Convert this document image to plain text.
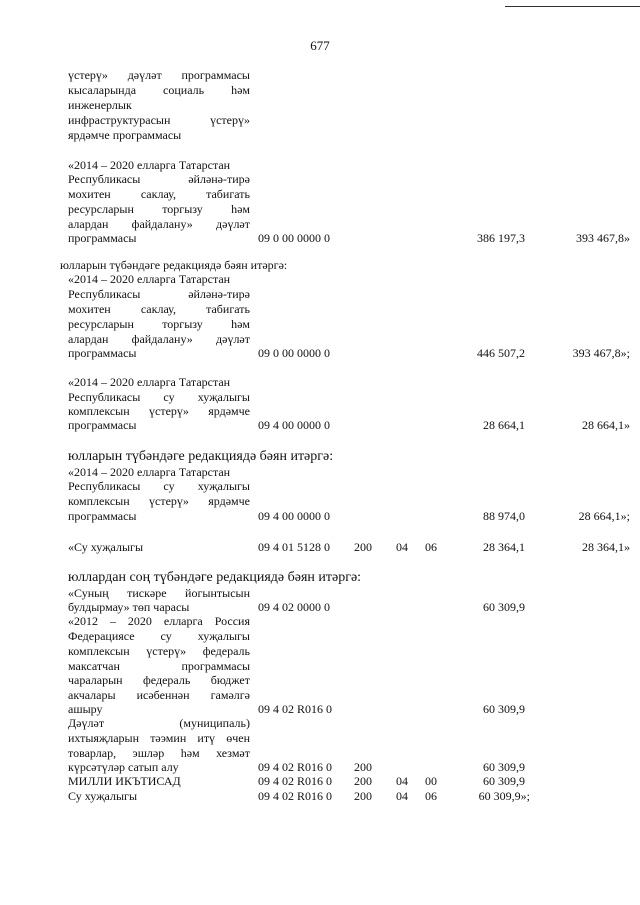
677
үстерү» дәүләт программасы
кысаларында социаль һәм
инженерлык
инфраструктурасын үстерү»
ярдәмче программасы
«2014 – 2020 елларга Татарстан
Республикасы әйләнә-тирә
мохитен саклау, табигать
ресурсларын торгызу һәм
алардан файдалану» дәүләт
программасы	09 0 00 0000 0	386 197,3	393 467,8»
юлларын түбәндәге редакциядә бәян итәргә:
«2014 – 2020 елларга Татарстан
Республикасы әйләнә-тирә
мохитен саклау, табигать
ресурсларын торгызу һәм
алардан файдалану» дәүләт
программасы	09 0 00 0000 0	446 507,2	393 467,8»;
«2014 – 2020 елларга Татарстан
Республикасы су хуҗалыгы
комплексын үстерү» ярдәмче
программасы	09 4 00 0000 0	28 664,1	28 664,1»
юлларын түбәндәге редакциядә бәян итәргә:
«2014 – 2020 елларга Татарстан
Республикасы су хуҗалыгы
комплексын үстерү» ярдәмче
программасы	09 4 00 0000 0	88 974,0	28 664,1»;
«Су хуҗалыгы	09 4 01 5128 0 200 04 06	28 364,1	28 364,1»
юллардан соң түбәндәге редакциядә бәян итәргә:
«Суның тискәре йогынтысын
булдырмау» төп чарасы	09 4 02 0000 0	60 309,9
«2012 – 2020 елларга Россия
Федерациясе су хуҗалыгы
комплексын үстерү» федераль
максатчан программасы
чараларын федераль бюджет
акчалары исәбеннән гамәлгә
ашыру	09 4 02 R016 0	60 309,9
Дәүләт (муниципаль)
ихтыяҗларын тәэмин итү өчен
товарлар, эшләр һәм хезмәт
күрсәтүләр сатып алу	09 4 02 R016 0 200	60 309,9
МИЛЛИ ИКЪТИСАД	09 4 02 R016 0 200 04 00	60 309,9
Су хуҗалыгы	09 4 02 R016 0 200 04 06	60 309,9»;
